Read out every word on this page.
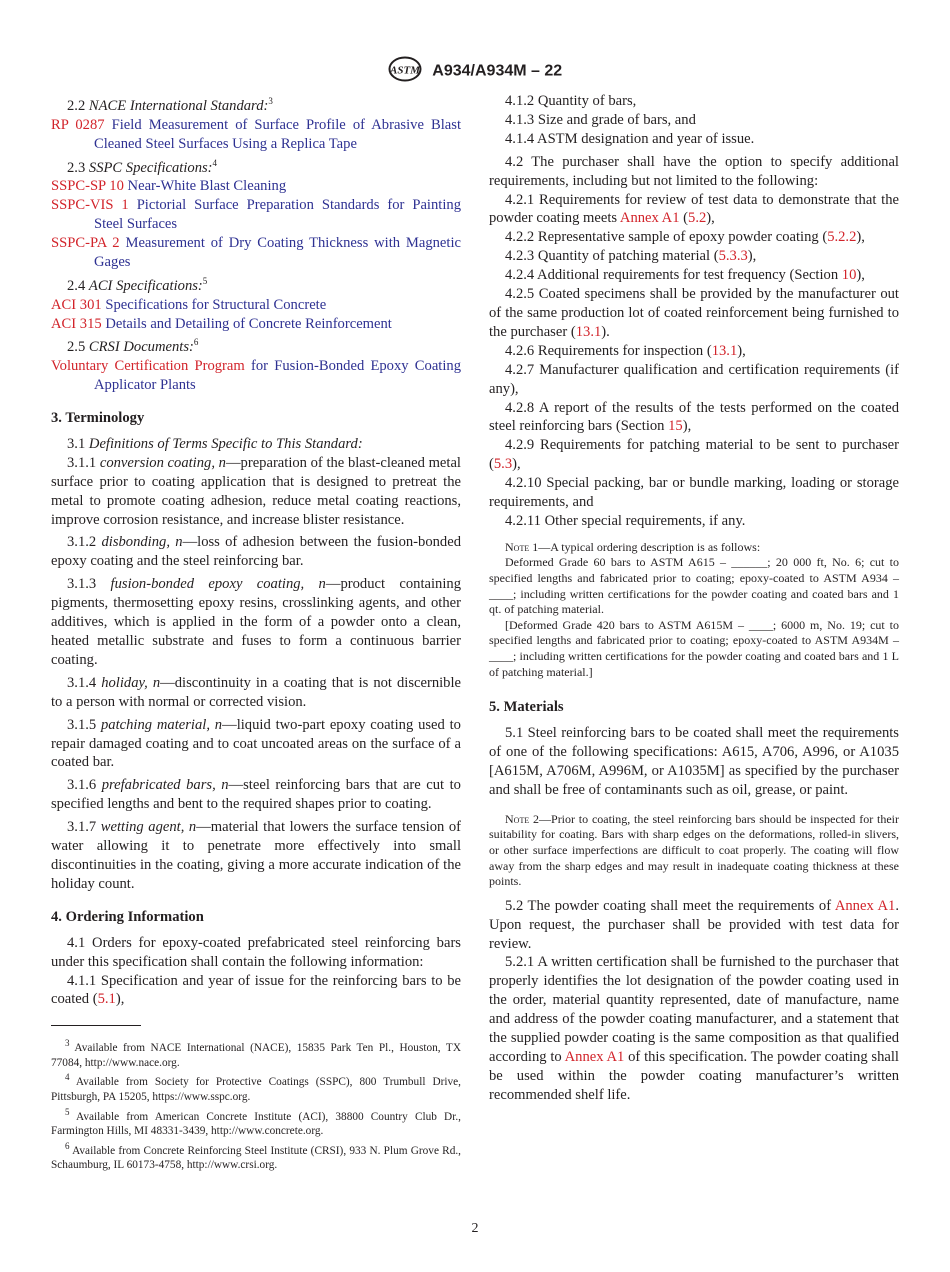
ASTM A934/A934M – 22

2.2 NACE International Standard:$^3$

RP 0287 Field Measurement of Surface Profile of Abrasive Blast Cleaned Steel Surfaces Using a Replica Tape

2.3 SSPC Specifications:$^4$

SSPC-SP 10 Near-White Blast Cleaning

SSPC-VIS 1 Pictorial Surface Preparation Standards for Painting Steel Surfaces

SSPC-PA 2 Measurement of Dry Coating Thickness with Magnetic Gages

2.4 ACI Specifications:$^5$

ACI 301 Specifications for Structural Concrete

ACI 315 Details and Detailing of Concrete Reinforcement

2.5 CRSI Documents:$^6$

Voluntary Certification Program for Fusion-Bonded Epoxy Coating Applicator Plants

3. Terminology

3.1 Definitions of Terms Specific to This Standard:

3.1.1 conversion coating, n—preparation of the blast-cleaned metal surface prior to coating application that is designed to pretreat the metal to promote coating adhesion, reduce metal coating reactions, improve corrosion resistance, and increase blister resistance.

3.1.2 disbonding, n—loss of adhesion between the fusion-bonded epoxy coating and the steel reinforcing bar.

3.1.3 fusion-bonded epoxy coating, n—product containing pigments, thermosetting epoxy resins, crosslinking agents, and other additives, which is applied in the form of a powder onto a clean, heated metallic substrate and fuses to form a continuous barrier coating.

3.1.4 holiday, n—discontinuity in a coating that is not discernible to a person with normal or corrected vision.

3.1.5 patching material, n—liquid two-part epoxy coating used to repair damaged coating and to coat uncoated areas on the surface of a coated bar.

3.1.6 prefabricated bars, n—steel reinforcing bars that are cut to specified lengths and bent to the required shapes prior to coating.

3.1.7 wetting agent, n—material that lowers the surface tension of water allowing it to penetrate more effectively into small discontinuities in the coating, giving a more accurate indication of the holiday count.

4. Ordering Information

4.1 Orders for epoxy-coated prefabricated steel reinforcing bars under this specification shall contain the following information:

4.1.1 Specification and year of issue for the reinforcing bars to be coated (5.1),

$^3$ Available from NACE International (NACE), 15835 Park Ten Pl., Houston, TX 77084, http://www.nace.org.

$^4$ Available from Society for Protective Coatings (SSPC), 800 Trumbull Drive, Pittsburgh, PA 15205, https://www.sspc.org.

$^5$ Available from American Concrete Institute (ACI), 38800 Country Club Dr., Farmington Hills, MI 48331-3439, http://www.concrete.org.

$^6$ Available from Concrete Reinforcing Steel Institute (CRSI), 933 N. Plum Grove Rd., Schaumburg, IL 60173-4758, http://www.crsi.org.

4.1.2 Quantity of bars,

4.1.3 Size and grade of bars, and

4.1.4 ASTM designation and year of issue.

4.2 The purchaser shall have the option to specify additional requirements, including but not limited to the following:

4.2.1 Requirements for review of test data to demonstrate that the powder coating meets Annex A1 (5.2),

4.2.2 Representative sample of epoxy powder coating (5.2.2),

4.2.3 Quantity of patching material (5.3.3),

4.2.4 Additional requirements for test frequency (Section 10),

4.2.5 Coated specimens shall be provided by the manufacturer out of the same production lot of coated reinforcement being furnished to the purchaser (13.1).

4.2.6 Requirements for inspection (13.1),

4.2.7 Manufacturer qualification and certification requirements (if any),

4.2.8 A report of the results of the tests performed on the coated steel reinforcing bars (Section 15),

4.2.9 Requirements for patching material to be sent to purchaser (5.3),

4.2.10 Special packing, bar or bundle marking, loading or storage requirements, and

4.2.11 Other special requirements, if any.

Note 1—A typical ordering description is as follows:

Deformed Grade 60 bars to ASTM A615 – ______; 20 000 ft, No. 6; cut to specified lengths and fabricated prior to coating; epoxy-coated to ASTM A934 – ____; including written certifications for the powder coating and coated bars and 1 qt. of patching material.

[Deformed Grade 420 bars to ASTM A615M – ____; 6000 m, No. 19; cut to specified lengths and fabricated prior to coating; epoxy-coated to ASTM A934M – ____; including written certifications for the powder coating and coated bars and 1 L of patching material.]

5. Materials

5.1 Steel reinforcing bars to be coated shall meet the requirements of one of the following specifications: A615, A706, A996, or A1035 [A615M, A706M, A996M, or A1035M] as specified by the purchaser and shall be free of contaminants such as oil, grease, or paint.

Note 2—Prior to coating, the steel reinforcing bars should be inspected for their suitability for coating. Bars with sharp edges on the deformations, rolled-in slivers, or other surface imperfections are difficult to coat properly. The coating will flow away from the sharp edges and may result in inadequate coating thickness at these points.

5.2 The powder coating shall meet the requirements of Annex A1. Upon request, the purchaser shall be provided with test data for review.

5.2.1 A written certification shall be furnished to the purchaser that properly identifies the lot designation of the powder coating used in the order, material quantity represented, date of manufacture, name and address of the powder coating manufacturer, and a statement that the supplied powder coating is the same composition as that qualified according to Annex A1 of this specification. The powder coating shall be used within the powder coating manufacturer’s written recommended shelf life.

2
